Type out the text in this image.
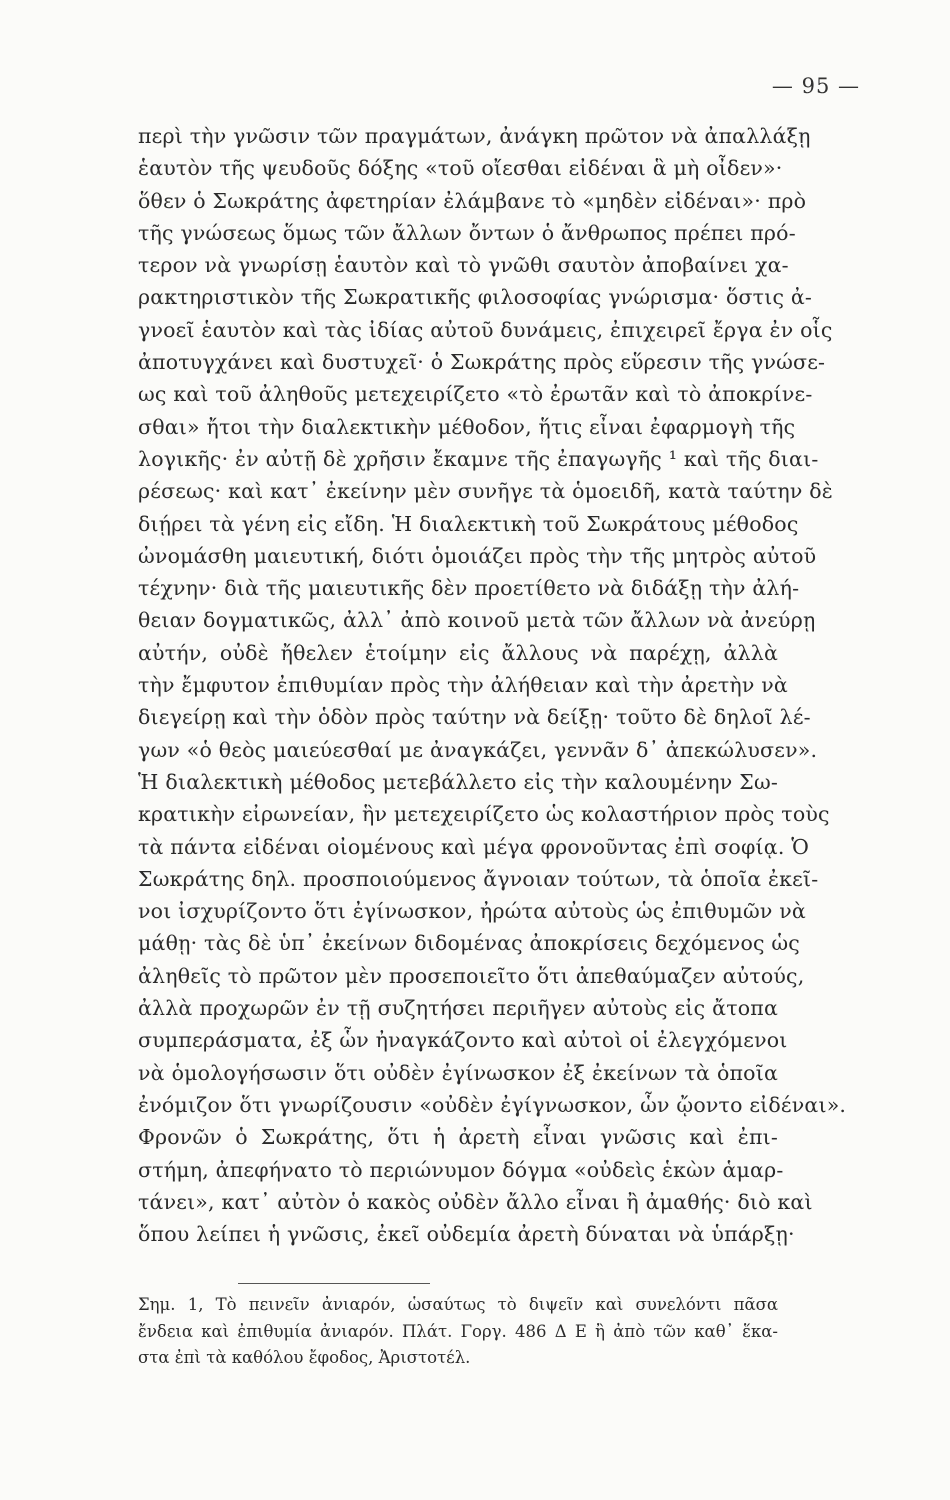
— 95 —
περὶ τὴν γνῶσιν τῶν πραγμάτων, ἀνάγκη πρῶτον νὰ ἀπαλλάξῃ
ἑαυτὸν τῆς ψευδοῦς δόξης «τοῦ οἴεσθαι εἰδέναι ἃ μὴ οἶδεν»·
ὅθεν ὁ Σωκράτης ἀφετηρίαν ἐλάμβανε τὸ «μηδὲν εἰδέναι»· πρὸ
τῆς γνώσεως ὅμως τῶν ἄλλων ὄντων ὁ ἄνθρωπος πρέπει πρό-
τερον νὰ γνωρίσῃ ἑαυτὸν καὶ τὸ γνῶθι σαυτὸν ἀποβαίνει χα-
ρακτηριστικὸν τῆς Σωκρατικῆς φιλοσοφίας γνώρισμα· ὅστις ἀ-
γνοεῖ ἑαυτὸν καὶ τὰς ἰδίας αὐτοῦ δυνάμεις, ἐπιχειρεῖ ἔργα ἐν οἷς
ἀποτυγχάνει καὶ δυστυχεῖ· ὁ Σωκράτης πρὸς εὕρεσιν τῆς γνώσε-
ως καὶ τοῦ ἀληθοῦς μετεχειρίζετο «τὸ ἐρωτᾶν καὶ τὸ ἀποκρίνε-
σθαι» ἤτοι τὴν διαλεκτικὴν μέθοδον, ἥτις εἶναι ἐφαρμογὴ τῆς
λογικῆς· ἐν αὐτῇ δὲ χρῆσιν ἔκαμνε τῆς ἐπαγωγῆς ¹ καὶ τῆς διαι-
ρέσεως· καὶ κατ᾿ ἐκείνην μὲν συνῆγε τὰ ὁμοειδῆ, κατὰ ταύτην δὲ
διῄρει τὰ γένη εἰς εἴδη. Ἡ διαλεκτικὴ τοῦ Σωκράτους μέθοδος
ὠνομάσθη μαιευτική, διότι ὁμοιάζει πρὸς τὴν τῆς μητρὸς αὐτοῦ
τέχνην· διὰ τῆς μαιευτικῆς δὲν προετίθετο νὰ διδάξῃ τὴν ἀλή-
θειαν δογματικῶς, ἀλλ᾿ ἀπὸ κοινοῦ μετὰ τῶν ἄλλων νὰ ἀνεύρῃ
αὐτήν, οὐδὲ ἤθελεν ἑτοίμην εἰς ἄλλους νὰ παρέχῃ, ἀλλὰ
τὴν ἔμφυτον ἐπιθυμίαν πρὸς τὴν ἀλήθειαν καὶ τὴν ἀρετὴν νὰ
διεγείρῃ καὶ τὴν ὁδὸν πρὸς ταύτην νὰ δείξῃ· τοῦτο δὲ δηλοῖ λέ-
γων «ὁ θεὸς μαιεύεσθαί με ἀναγκάζει, γεννᾶν δ᾿ ἀπεκώλυσεν».
Ἡ διαλεκτικὴ μέθοδος μετεβάλλετο εἰς τὴν καλουμένην Σω-
κρατικὴν εἰρωνείαν, ἣν μετεχειρίζετο ὡς κολαστήριον πρὸς τοὺς
τὰ πάντα εἰδέναι οἰομένους καὶ μέγα φρονοῦντας ἐπὶ σοφίᾳ. Ὁ
Σωκράτης δηλ. προσποιούμενος ἄγνοιαν τούτων, τὰ ὁποῖα ἐκεῖ-
νοι ἰσχυρίζοντο ὅτι ἐγίνωσκον, ἠρώτα αὐτοὺς ὡς ἐπιθυμῶν νὰ
μάθῃ· τὰς δὲ ὑπ᾿ ἐκείνων διδομένας ἀποκρίσεις δεχόμενος ὡς
ἀληθεῖς τὸ πρῶτον μὲν προσεποιεῖτο ὅτι ἀπεθαύμαζεν αὐτούς,
ἀλλὰ προχωρῶν ἐν τῇ συζητήσει περιῆγεν αὐτοὺς εἰς ἄτοπα
συμπεράσματα, ἐξ ὧν ἠναγκάζοντο καὶ αὐτοὶ οἱ ἐλεγχόμενοι
νὰ ὁμολογήσωσιν ὅτι οὐδὲν ἐγίνωσκον ἐξ ἐκείνων τὰ ὁποῖα
ἐνόμιζον ὅτι γνωρίζουσιν «οὐδὲν ἐγίγνωσκον, ὧν ᾤοντο εἰδέναι».
Φρονῶν ὁ Σωκράτης, ὅτι ἡ ἀρετὴ εἶναι γνῶσις καὶ ἐπι-
στήμη, ἀπεφήνατο τὸ περιώνυμον δόγμα «οὐδεὶς ἑκὼν ἁμαρ-
τάνει», κατ᾿ αὐτὸν ὁ κακὸς οὐδὲν ἄλλο εἶναι ἢ ἀμαθής· διὸ καὶ
ὅπου λείπει ἡ γνῶσις, ἐκεῖ οὐδεμία ἀρετὴ δύναται νὰ ὑπάρξῃ·
Σημ. 1, Τὸ πεινεῖν ἀνιαρόν, ὡσαύτως τὸ διψεῖν καὶ συνελόντι πᾶσα
ἔνδεια καὶ ἐπιθυμία ἀνιαρόν. Πλάτ. Γοργ. 486 Δ Ε ἢ ἀπὸ τῶν καθ᾿ ἕκα-
στα ἐπὶ τὰ καθόλου ἔφοδος, Ἀριστοτέλ.
